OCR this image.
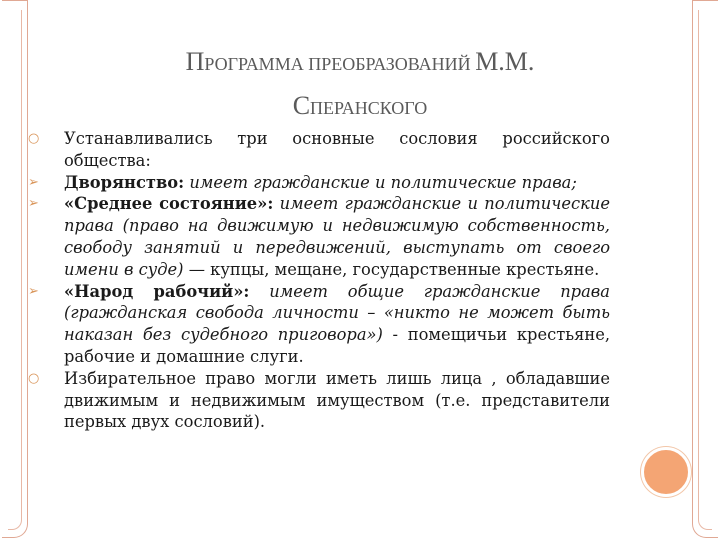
ПРОГРАММА ПРЕОБРАЗОВАНИЙ М.М.
СПЕРАНСКОГО
○ Устанавливались три основные сословия российского общества:
➢	Дворянство: имеет гражданские и политические права;
➢	«Среднее состояние»: имеет гражданские и политические права (право на движимую и недвижимую собственность, свободу занятий и передвижений, выступать от своего имени в суде) — купцы, мещане, государственные крестьяне.
➢	«Народ рабочий»: имеет общие гражданские права (гражданская свобода личности – «никто не может быть наказан без судебного приговора») - помещичьи крестьяне, рабочие и домашние слуги.
○ Избирательное право могли иметь лишь лица , обладавшие движимым и недвижимым имуществом (т.е. представители первых двух сословий).
